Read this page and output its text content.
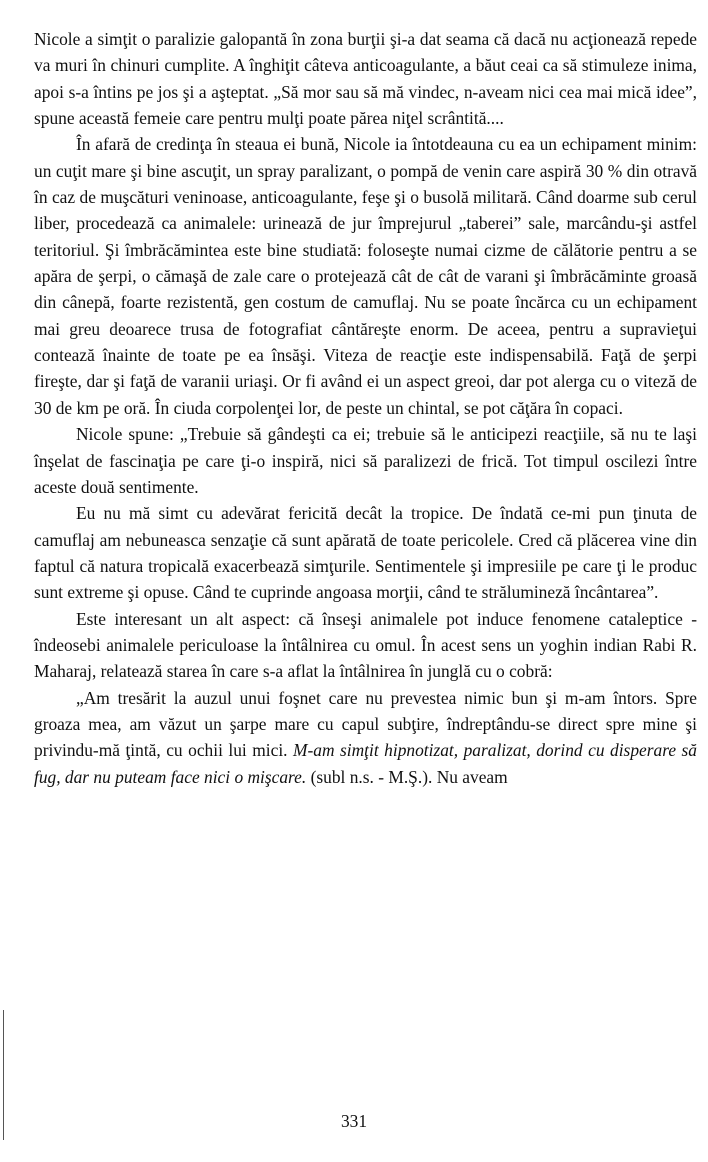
Nicole a simţit o paralizie galopantă în zona burţii şi-a dat seama că dacă nu acţionează repede va muri în chinuri cumplite. A înghiţit câteva anticoagulante, a băut ceai ca să stimuleze inima, apoi s-a întins pe jos şi a aşteptat. „Să mor sau să mă vindec, n-aveam nici cea mai mică idee”, spune această femeie care pentru mulţi poate părea niţel scrântită....

În afară de credinţa în steaua ei bună, Nicole ia întotdeauna cu ea un echipament minim: un cuţit mare şi bine ascuţit, un spray paralizant, o pompă de venin care aspiră 30 % din otravă în caz de muşcături veninoase, anticoagulante, feşe şi o busolă militară. Când doarme sub cerul liber, procedează ca animalele: urinează de jur împrejurul „taberei” sale, marcându-şi astfel teritoriul. Şi îmbrăcămintea este bine studiată: foloseşte numai cizme de călătorie pentru a se apăra de şerpi, o cămaşă de zale care o protejează cât de cât de varani şi îmbrăcăminte groasă din cânepă, foarte rezistentă, gen costum de camuflaj. Nu se poate încărca cu un echipament mai greu deoarece trusa de fotografiat cântăreşte enorm. De aceea, pentru a supravieţui contează înainte de toate pe ea însăşi. Viteza de reacţie este indispensabilă. Faţă de şerpi fireşte, dar şi faţă de varanii uriaşi. Or fi având ei un aspect greoi, dar pot alerga cu o viteză de 30 de km pe oră. În ciuda corpolenţei lor, de peste un chintal, se pot căţăra în copaci.

Nicole spune: „Trebuie să gândeşti ca ei; trebuie să le anticipezi reacţiile, să nu te laşi înşelat de fascinaţia pe care ţi-o inspiră, nici să paralizezi de frică. Tot timpul oscilezi între aceste două sentimente.

Eu nu mă simt cu adevărat fericită decât la tropice. De îndată ce-mi pun ţinuta de camuflaj am nebuneasca senzaţie că sunt apărată de toate pericolele. Cred că plăcerea vine din faptul că natura tropicală exacerbează simţurile. Sentimentele şi impresiile pe care ţi le produc sunt extreme şi opuse. Când te cuprinde angoasa morţii, când te strălumineză încântarea”.

Este interesant un alt aspect: că înseşi animalele pot induce fenomene cataleptice - îndeosebi animalele periculoase la întâlnirea cu omul. În acest sens un yoghin indian Rabi R. Maharaj, relatează starea în care s-a aflat la întâlnirea în junglă cu o cobră:

„Am tresărit la auzul unui foşnet care nu prevestea nimic bun şi m-am întors. Spre groaza mea, am văzut un şarpe mare cu capul subţire, îndreptându-se direct spre mine şi privindu-mă ţintă, cu ochii lui mici. M-am simţit hipnotizat, paralizat, dorind cu disperare să fug, dar nu puteam face nici o mişcare. (subl n.s. - M.Ş.). Nu aveam

331
